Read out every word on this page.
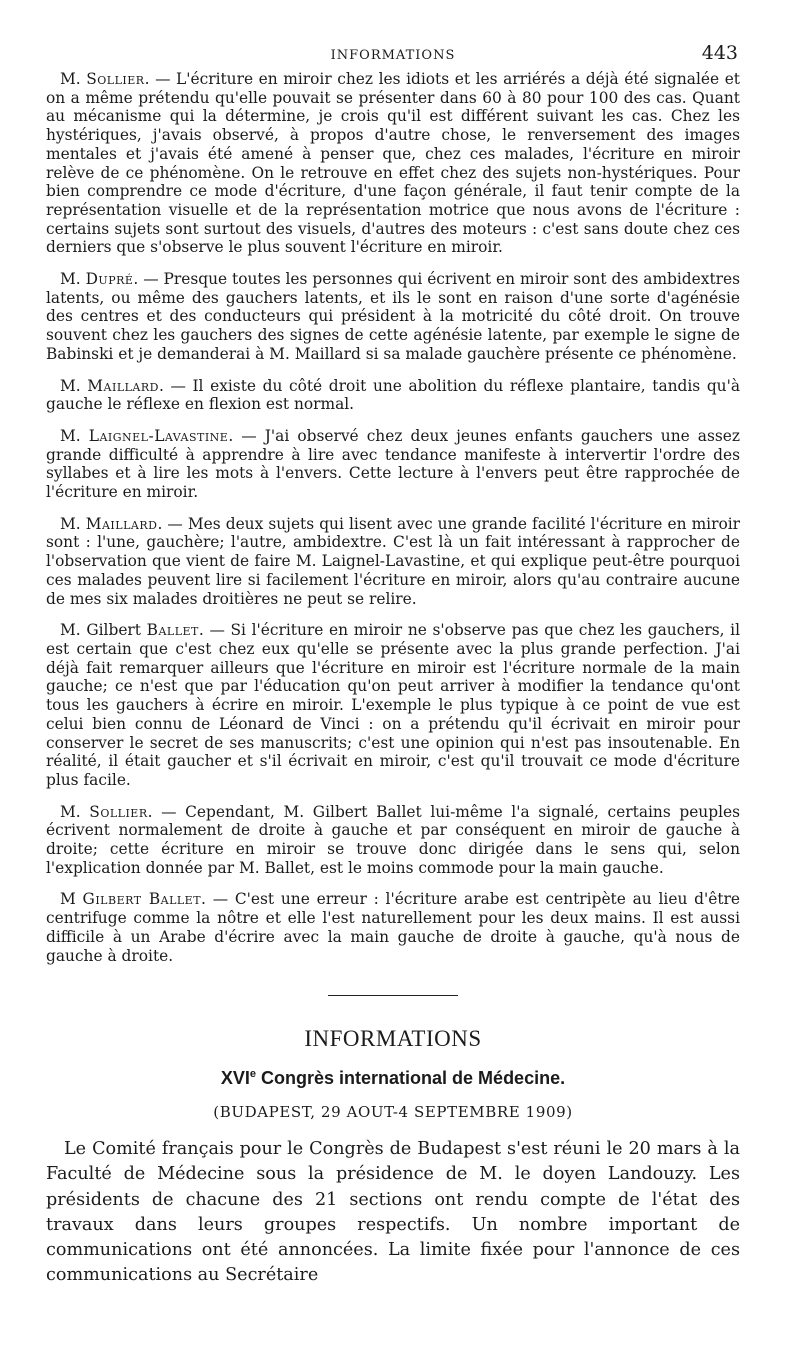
INFORMATIONS	443

M. Sollier. — L'écriture en miroir chez les idiots et les arriérés a déjà été signalée et on a même prétendu qu'elle pouvait se présenter dans 60 à 80 pour 100 des cas. Quant au mécanisme qui la détermine, je crois qu'il est différent suivant les cas. Chez les hystériques, j'avais observé, à propos d'autre chose, le renversement des images mentales et j'avais été amené à penser que, chez ces malades, l'écriture en miroir relève de ce phénomène. On le retrouve en effet chez des sujets non-hystériques. Pour bien comprendre ce mode d'écriture, d'une façon générale, il faut tenir compte de la représentation visuelle et de la représentation motrice que nous avons de l'écriture : certains sujets sont surtout des visuels, d'autres des moteurs : c'est sans doute chez ces derniers que s'observe le plus souvent l'écriture en miroir.

M. Dupré. — Presque toutes les personnes qui écrivent en miroir sont des ambidextres latents, ou même des gauchers latents, et ils le sont en raison d'une sorte d'agénésie des centres et des conducteurs qui président à la motricité du côté droit. On trouve souvent chez les gauchers des signes de cette agénésie latente, par exemple le signe de Babinski et je demanderai à M. Maillard si sa malade gauchère présente ce phénomène.

M. Maillard. — Il existe du côté droit une abolition du réflexe plantaire, tandis qu'à gauche le réflexe en flexion est normal.

M. Laignel-Lavastine. — J'ai observé chez deux jeunes enfants gauchers une assez grande difficulté à apprendre à lire avec tendance manifeste à intervertir l'ordre des syllabes et à lire les mots à l'envers. Cette lecture à l'envers peut être rapprochée de l'écriture en miroir.

M. Maillard. — Mes deux sujets qui lisent avec une grande facilité l'écriture en miroir sont : l'une, gauchère; l'autre, ambidextre. C'est là un fait intéressant à rapprocher de l'observation que vient de faire M. Laignel-Lavastine, et qui explique peut-être pourquoi ces malades peuvent lire si facilement l'écriture en miroir, alors qu'au contraire aucune de mes six malades droitières ne peut se relire.

M. Gilbert Ballet. — Si l'écriture en miroir ne s'observe pas que chez les gauchers, il est certain que c'est chez eux qu'elle se présente avec la plus grande perfection. J'ai déjà fait remarquer ailleurs que l'écriture en miroir est l'écriture normale de la main gauche; ce n'est que par l'éducation qu'on peut arriver à modifier la tendance qu'ont tous les gauchers à écrire en miroir. L'exemple le plus typique à ce point de vue est celui bien connu de Léonard de Vinci : on a prétendu qu'il écrivait en miroir pour conserver le secret de ses manuscrits; c'est une opinion qui n'est pas insoutenable. En réalité, il était gaucher et s'il écrivait en miroir, c'est qu'il trouvait ce mode d'écriture plus facile.

M. Sollier. — Cependant, M. Gilbert Ballet lui-même l'a signalé, certains peuples écrivent normalement de droite à gauche et par conséquent en miroir de gauche à droite; cette écriture en miroir se trouve donc dirigée dans le sens qui, selon l'explication donnée par M. Ballet, est le moins commode pour la main gauche.

M Gilbert Ballet. — C'est une erreur : l'écriture arabe est centripète au lieu d'être centrifuge comme la nôtre et elle l'est naturellement pour les deux mains. Il est aussi difficile à un Arabe d'écrire avec la main gauche de droite à gauche, qu'à nous de gauche à droite.

INFORMATIONS
XVIe Congrès international de Médecine.
(BUDAPEST, 29 AOUT-4 SEPTEMBRE 1909)

Le Comité français pour le Congrès de Budapest s'est réuni le 20 mars à la Faculté de Médecine sous la présidence de M. le doyen Landouzy. Les présidents de chacune des 21 sections ont rendu compte de l'état des travaux dans leurs groupes respectifs. Un nombre important de communications ont été annoncées. La limite fixée pour l'annonce de ces communications au Secrétaire
